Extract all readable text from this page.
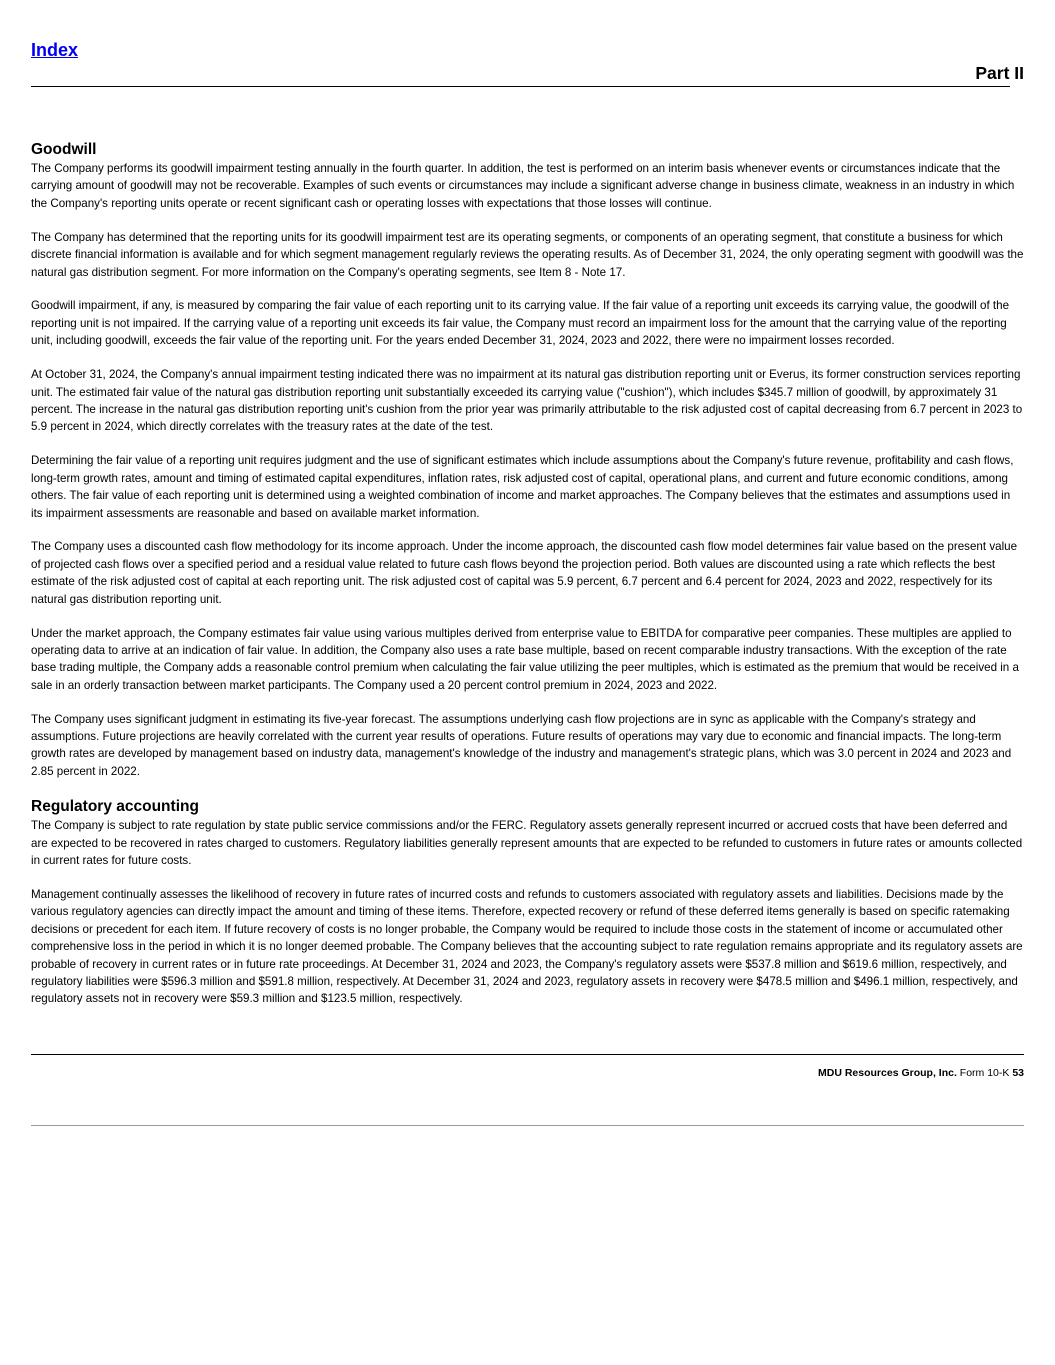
Index
Part II
Goodwill

The Company performs its goodwill impairment testing annually in the fourth quarter. In addition, the test is performed on an interim basis whenever events or circumstances indicate that the carrying amount of goodwill may not be recoverable. Examples of such events or circumstances may include a significant adverse change in business climate, weakness in an industry in which the Company's reporting units operate or recent significant cash or operating losses with expectations that those losses will continue.

The Company has determined that the reporting units for its goodwill impairment test are its operating segments, or components of an operating segment, that constitute a business for which discrete financial information is available and for which segment management regularly reviews the operating results. As of December 31, 2024, the only operating segment with goodwill was the natural gas distribution segment. For more information on the Company's operating segments, see Item 8 - Note 17.

Goodwill impairment, if any, is measured by comparing the fair value of each reporting unit to its carrying value. If the fair value of a reporting unit exceeds its carrying value, the goodwill of the reporting unit is not impaired. If the carrying value of a reporting unit exceeds its fair value, the Company must record an impairment loss for the amount that the carrying value of the reporting unit, including goodwill, exceeds the fair value of the reporting unit. For the years ended December 31, 2024, 2023 and 2022, there were no impairment losses recorded.

At October 31, 2024, the Company's annual impairment testing indicated there was no impairment at its natural gas distribution reporting unit or Everus, its former construction services reporting unit. The estimated fair value of the natural gas distribution reporting unit substantially exceeded its carrying value ("cushion"), which includes $345.7 million of goodwill, by approximately 31 percent. The increase in the natural gas distribution reporting unit's cushion from the prior year was primarily attributable to the risk adjusted cost of capital decreasing from 6.7 percent in 2023 to 5.9 percent in 2024, which directly correlates with the treasury rates at the date of the test.

Determining the fair value of a reporting unit requires judgment and the use of significant estimates which include assumptions about the Company's future revenue, profitability and cash flows, long-term growth rates, amount and timing of estimated capital expenditures, inflation rates, risk adjusted cost of capital, operational plans, and current and future economic conditions, among others. The fair value of each reporting unit is determined using a weighted combination of income and market approaches. The Company believes that the estimates and assumptions used in its impairment assessments are reasonable and based on available market information.

The Company uses a discounted cash flow methodology for its income approach. Under the income approach, the discounted cash flow model determines fair value based on the present value of projected cash flows over a specified period and a residual value related to future cash flows beyond the projection period. Both values are discounted using a rate which reflects the best estimate of the risk adjusted cost of capital at each reporting unit. The risk adjusted cost of capital was 5.9 percent, 6.7 percent and 6.4 percent for 2024, 2023 and 2022, respectively for its natural gas distribution reporting unit.

Under the market approach, the Company estimates fair value using various multiples derived from enterprise value to EBITDA for comparative peer companies. These multiples are applied to operating data to arrive at an indication of fair value. In addition, the Company also uses a rate base multiple, based on recent comparable industry transactions. With the exception of the rate base trading multiple, the Company adds a reasonable control premium when calculating the fair value utilizing the peer multiples, which is estimated as the premium that would be received in a sale in an orderly transaction between market participants. The Company used a 20 percent control premium in 2024, 2023 and 2022.

The Company uses significant judgment in estimating its five-year forecast. The assumptions underlying cash flow projections are in sync as applicable with the Company's strategy and assumptions. Future projections are heavily correlated with the current year results of operations. Future results of operations may vary due to economic and financial impacts. The long-term growth rates are developed by management based on industry data, management's knowledge of the industry and management's strategic plans, which was 3.0 percent in 2024 and 2023 and 2.85 percent in 2022.

Regulatory accounting

The Company is subject to rate regulation by state public service commissions and/or the FERC. Regulatory assets generally represent incurred or accrued costs that have been deferred and are expected to be recovered in rates charged to customers. Regulatory liabilities generally represent amounts that are expected to be refunded to customers in future rates or amounts collected in current rates for future costs.

Management continually assesses the likelihood of recovery in future rates of incurred costs and refunds to customers associated with regulatory assets and liabilities. Decisions made by the various regulatory agencies can directly impact the amount and timing of these items. Therefore, expected recovery or refund of these deferred items generally is based on specific ratemaking decisions or precedent for each item. If future recovery of costs is no longer probable, the Company would be required to include those costs in the statement of income or accumulated other comprehensive loss in the period in which it is no longer deemed probable. The Company believes that the accounting subject to rate regulation remains appropriate and its regulatory assets are probable of recovery in current rates or in future rate proceedings. At December 31, 2024 and 2023, the Company's regulatory assets were $537.8 million and $619.6 million, respectively, and regulatory liabilities were $596.3 million and $591.8 million, respectively. At December 31, 2024 and 2023, regulatory assets in recovery were $478.5 million and $496.1 million, respectively, and regulatory assets not in recovery were $59.3 million and $123.5 million, respectively.

MDU Resources Group, Inc. Form 10-K 53
